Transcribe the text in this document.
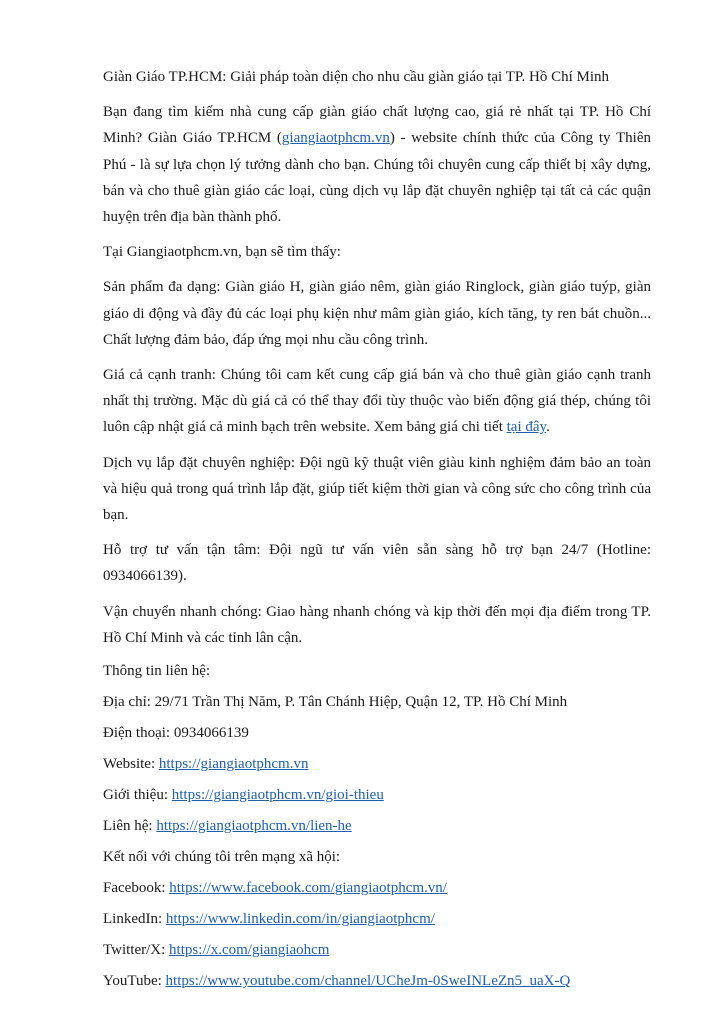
Giàn Giáo TP.HCM: Giải pháp toàn diện cho nhu cầu giàn giáo tại TP. Hồ Chí Minh

Bạn đang tìm kiếm nhà cung cấp giàn giáo chất lượng cao, giá rẻ nhất tại TP. Hồ Chí Minh? Giàn Giáo TP.HCM (giangiaotphcm.vn) - website chính thức của Công ty Thiên Phú - là sự lựa chọn lý tưởng dành cho bạn. Chúng tôi chuyên cung cấp thiết bị xây dựng, bán và cho thuê giàn giáo các loại, cùng dịch vụ lắp đặt chuyên nghiệp tại tất cả các quận huyện trên địa bàn thành phố.

Tại Giangiaotphcm.vn, bạn sẽ tìm thấy:

Sản phẩm đa dạng: Giàn giáo H, giàn giáo nêm, giàn giáo Ringlock, giàn giáo tuýp, giàn giáo di động và đầy đủ các loại phụ kiện như mâm giàn giáo, kích tăng, ty ren bát chuồn... Chất lượng đảm bảo, đáp ứng mọi nhu cầu công trình.

Giá cả cạnh tranh: Chúng tôi cam kết cung cấp giá bán và cho thuê giàn giáo cạnh tranh nhất thị trường. Mặc dù giá cả có thể thay đổi tùy thuộc vào biến động giá thép, chúng tôi luôn cập nhật giá cả minh bạch trên website. Xem bảng giá chi tiết tại đây.

Dịch vụ lắp đặt chuyên nghiệp: Đội ngũ kỹ thuật viên giàu kinh nghiệm đảm bảo an toàn và hiệu quả trong quá trình lắp đặt, giúp tiết kiệm thời gian và công sức cho công trình của bạn.

Hỗ trợ tư vấn tận tâm: Đội ngũ tư vấn viên sẵn sàng hỗ trợ bạn 24/7 (Hotline: 0934066139).

Vận chuyển nhanh chóng: Giao hàng nhanh chóng và kịp thời đến mọi địa điểm trong TP. Hồ Chí Minh và các tỉnh lân cận.

Thông tin liên hệ:

Địa chỉ: 29/71 Trần Thị Năm, P. Tân Chánh Hiệp, Quận 12, TP. Hồ Chí Minh

Điện thoại: 0934066139

Website: https://giangiaotphcm.vn

Giới thiệu: https://giangiaotphcm.vn/gioi-thieu

Liên hệ: https://giangiaotphcm.vn/lien-he

Kết nối với chúng tôi trên mạng xã hội:

Facebook: https://www.facebook.com/giangiaotphcm.vn/

LinkedIn: https://www.linkedin.com/in/giangiaotphcm/

Twitter/X: https://x.com/giangiaohcm

YouTube: https://www.youtube.com/channel/UCheJm-0SweINLeZn5_uaX-Q
